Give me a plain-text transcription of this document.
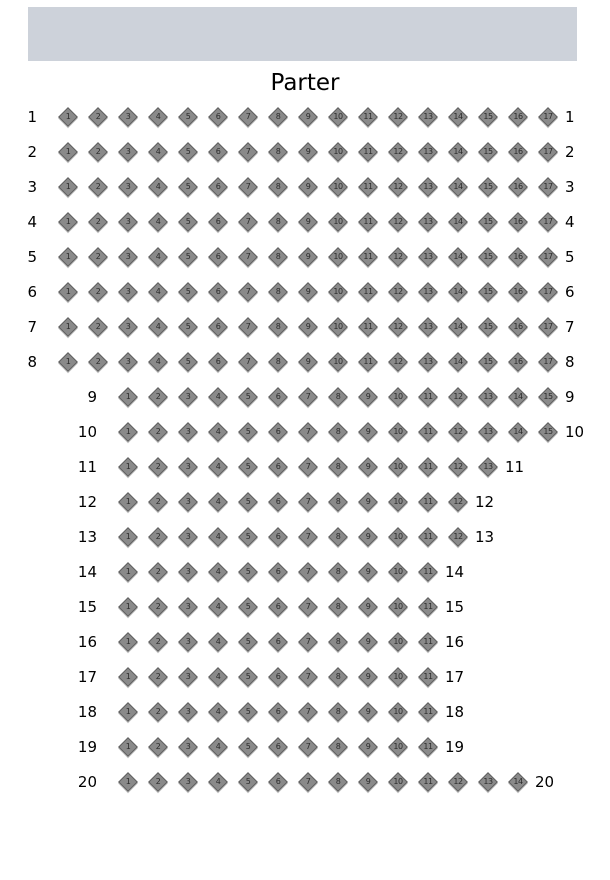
Parter
1	1	2	3	4	5	6	7	8	9	10	11	12	13	14	15	16	17 1
2	1	2	3	4	5	6	7	8	9	10	11	12	13	14	15	16	17 2
3	1	2	3	4	5	6	7	8	9	10	11	12	13	14	15	16	17 3
4	1	2	3	4	5	6	7	8	9	10	11	12	13	14	15	16	17 4
5	1	2	3	4	5	6	7	8	9	10	11	12	13	14	15	16	17 5
6	1	2	3	4	5	6	7	8	9	10	11	12	13	14	15	16	17 6
7	1	2	3	4	5	6	7	8	9	10	11	12	13	14	15	16	17 7
8	1	2	3	4	5	6	7	8	9	10	11	12	13	14	15	16	17 8
9	1	2	3	4	5	6	7	8	9	10	11	12	13	14	15 9
10	1	2	3	4	5	6	7	8	9	10	11	12	13	14	15 10
11	1	2	3	4	5	6	7	8	9	10	11	12	13 11
12	1	2	3	4	5	6	7	8	9	10	11	12 12
13	1	2	3	4	5	6	7	8	9	10	11	12 13
14	1	2	3	4	5	6	7	8	9	10	11 14
15	1	2	3	4	5	6	7	8	9	10	11 15
16	1	2	3	4	5	6	7	8	9	10	11 16
17	1	2	3	4	5	6	7	8	9	10	11 17
18	1	2	3	4	5	6	7	8	9	10	11 18
19	1	2	3	4	5	6	7	8	9	10	11 19
20	1	2	3	4	5	6	7	8	9	10	11	12	13	14 20
